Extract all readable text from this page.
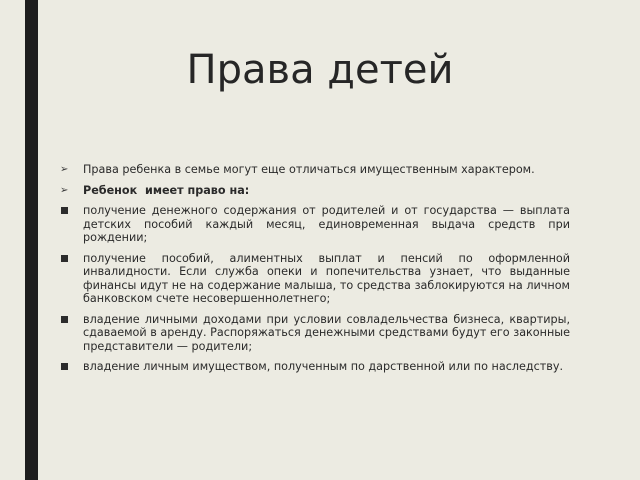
Права детей
➢	Права ребенка в семье могут еще отличаться имущественным характером.
➢	Ребенок  имеет право на:
получение денежного содержания от родителей и от государства — выплата детских пособий каждый месяц, единовременная выдача средств при рождении;
получение пособий, алиментных выплат и пенсий по оформленной инвалидности. Если служба опеки и попечительства узнает, что выданные финансы идут не на содержание малыша, то средства заблокируются на личном банковском счете несовершеннолетнего;
владение личными доходами при условии совладельчества бизнеса, квартиры, сдаваемой в аренду. Распоряжаться денежными средствами будут его законные представители — родители;
владение личным имуществом, полученным по дарственной или по наследству.
